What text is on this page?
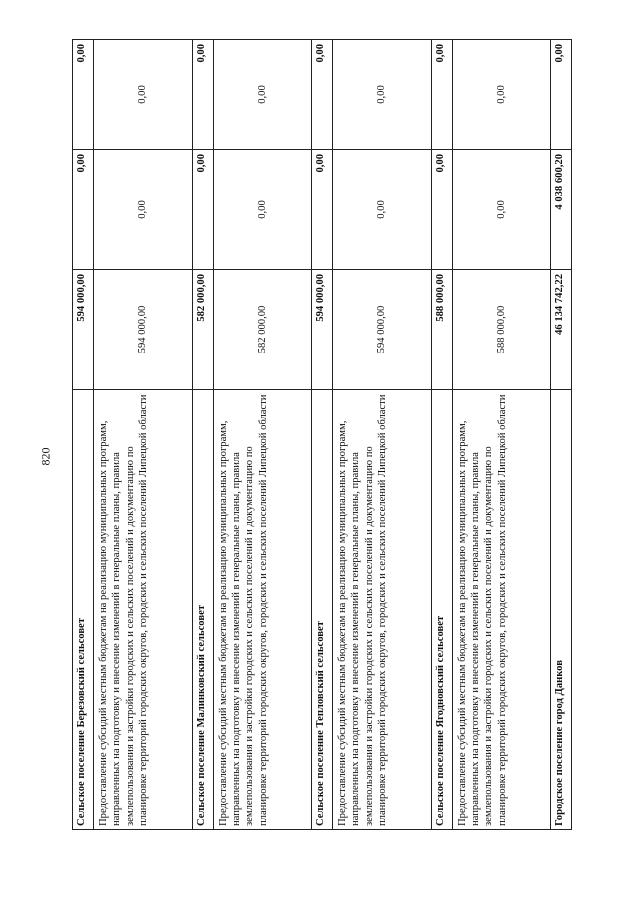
820
Сельское поселение Березовский сельсовет	594 000,00	0,00	0,00
Предоставление субсидий местным бюджетам на реализацию муниципальных программ, направленных на подготовку и внесение изменений в генеральные планы, правила землепользования и застройки городских и сельских поселений и документацию по планировке территорий городских округов, городских и сельских поселений Липецкой области	594 000,00	0,00	0,00
Сельское поселение Малинковский сельсовет	582 000,00	0,00	0,00
Предоставление субсидий местным бюджетам на реализацию муниципальных программ, направленных на подготовку и внесение изменений в генеральные планы, правила землепользования и застройки городских и сельских поселений и документацию по планировке территорий городских округов, городских и сельских поселений Липецкой области	582 000,00	0,00	0,00
Сельское поселение Тепловский сельсовет	594 000,00	0,00	0,00
Предоставление субсидий местным бюджетам на реализацию муниципальных программ, направленных на подготовку и внесение изменений в генеральные планы, правила землепользования и застройки городских и сельских поселений и документацию по планировке территорий городских округов, городских и сельских поселений Липецкой области	594 000,00	0,00	0,00
Сельское поселение Ягодновский сельсовет	588 000,00	0,00	0,00
Предоставление субсидий местным бюджетам на реализацию муниципальных программ, направленных на подготовку и внесение изменений в генеральные планы, правила землепользования и застройки городских и сельских поселений и документацию по планировке территорий городских округов, городских и сельских поселений Липецкой области	588 000,00	0,00	0,00
Городское поселение город Данков	46 134 742,22	4 038 600,20	0,00
